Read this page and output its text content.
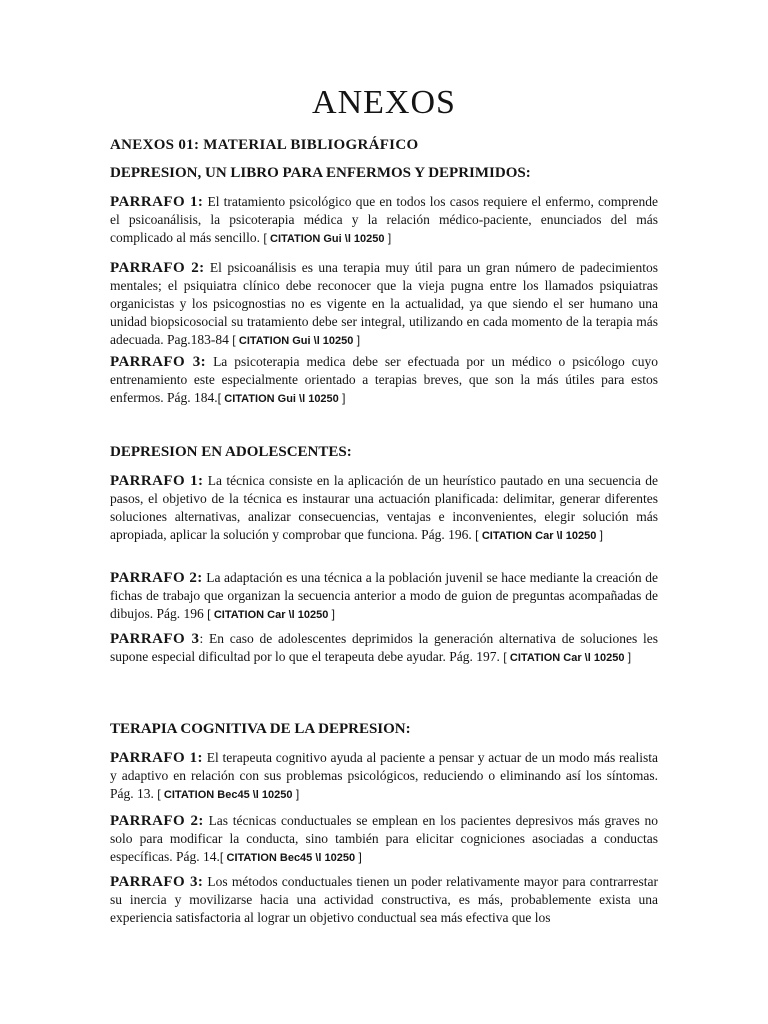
ANEXOS
ANEXOS 01: MATERIAL BIBLIOGRÁFICO
DEPRESION, UN LIBRO PARA ENFERMOS Y DEPRIMIDOS:

PARRAFO 1: El tratamiento psicológico que en todos los casos requiere el enfermo, comprende el psicoanálisis, la psicoterapia médica y la relación médico-paciente, enunciados del más complicado al más sencillo. [ CITATION Gui \l 10250 ]

PARRAFO 2: El psicoanálisis es una terapia muy útil para un gran número de padecimientos mentales; el psiquiatra clínico debe reconocer que la vieja pugna entre los llamados psiquiatras organicistas y los psicognostias no es vigente en la actualidad, ya que siendo el ser humano una unidad biopsicosocial su tratamiento debe ser integral, utilizando en cada momento de la terapia más adecuada. Pag.183-84 [ CITATION Gui \l 10250 ]

PARRAFO 3: La psicoterapia medica debe ser efectuada por un médico o psicólogo cuyo entrenamiento este especialmente orientado a terapias breves, que son la más útiles para estos enfermos. Pág. 184.[ CITATION Gui \l 10250 ]

DEPRESION EN ADOLESCENTES:

PARRAFO 1: La técnica consiste en la aplicación de un heurístico pautado en una secuencia de pasos, el objetivo de la técnica es instaurar una actuación planificada: delimitar, generar diferentes soluciones alternativas, analizar consecuencias, ventajas e inconvenientes, elegir solución más apropiada, aplicar la solución y comprobar que funciona. Pág. 196. [ CITATION Car \l 10250 ]

PARRAFO 2: La adaptación es una técnica a la población juvenil se hace mediante la creación de fichas de trabajo que organizan la secuencia anterior a modo de guion de preguntas acompañadas de dibujos. Pág. 196 [ CITATION Car \l 10250 ]

PARRAFO 3: En caso de adolescentes deprimidos la generación alternativa de soluciones les supone especial dificultad por lo que el terapeuta debe ayudar. Pág. 197. [ CITATION Car \l 10250 ]

TERAPIA COGNITIVA DE LA DEPRESION:

PARRAFO 1: El terapeuta cognitivo ayuda al paciente a pensar y actuar de un modo más realista y adaptivo en relación con sus problemas psicológicos, reduciendo o eliminando así los síntomas. Pág. 13. [ CITATION Bec45 \l 10250 ]

PARRAFO 2: Las técnicas conductuales se emplean en los pacientes depresivos más graves no solo para modificar la conducta, sino también para elicitar cogniciones asociadas a conductas específicas. Pág. 14.[ CITATION Bec45 \l 10250 ]

PARRAFO 3: Los métodos conductuales tienen un poder relativamente mayor para contrarrestar su inercia y movilizarse hacia una actividad constructiva, es más, probablemente exista una experiencia satisfactoria al lograr un objetivo conductual sea más efectiva que los
